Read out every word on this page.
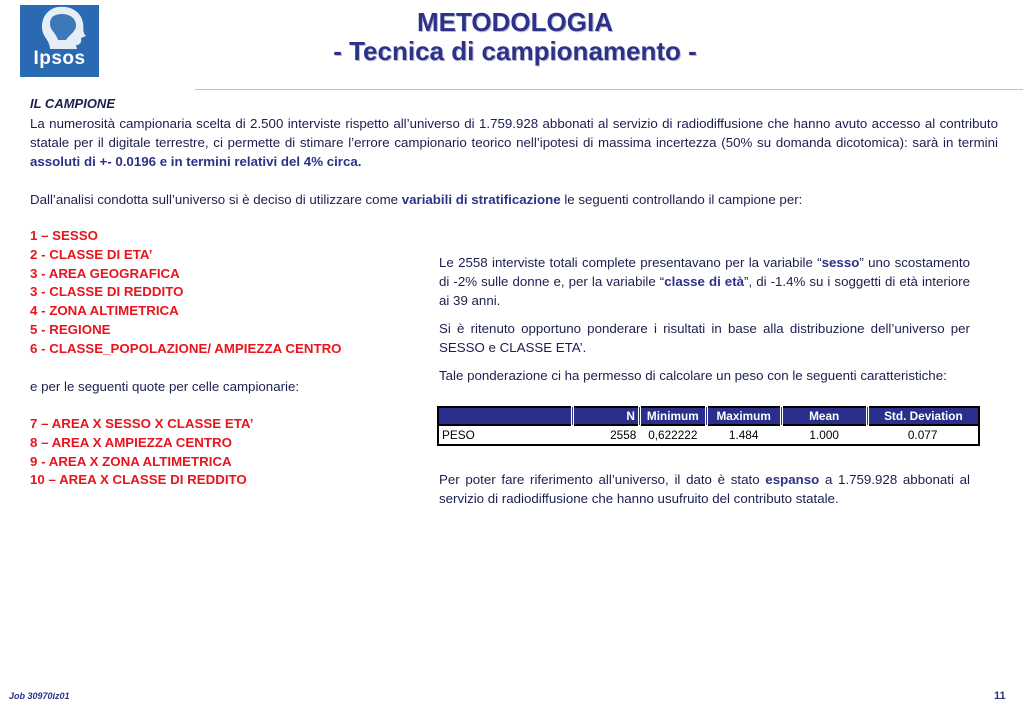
Ipsos
METODOLOGIA
- Tecnica di campionamento -
IL CAMPIONE
La numerosità campionaria scelta di 2.500 interviste rispetto all’universo di 1.759.928 abbonati al servizio di radiodiffusione che hanno avuto accesso al contributo statale per il digitale terrestre, ci permette di stimare l’errore campionario teorico nell’ipotesi di massima incertezza (50% su domanda dicotomica): sarà in termini assoluti di +- 0.0196 e in termini relativi del 4% circa.
Dall’analisi condotta sull’universo si è deciso di utilizzare come variabili di stratificazione le seguenti controllando il campione per:
1 – SESSO
2 - CLASSE DI ETA’
3 - AREA GEOGRAFICA
3 - CLASSE DI REDDITO
4 - ZONA ALTIMETRICA
5 - REGIONE
6 - CLASSE_POPOLAZIONE/ AMPIEZZA CENTRO
e per le seguenti quote per celle campionarie:
7 – AREA X SESSO X CLASSE ETA’
8 – AREA X AMPIEZZA CENTRO
9 - AREA X ZONA ALTIMETRICA
10 – AREA X CLASSE DI REDDITO

Le 2558 interviste totali complete presentavano per la variabile “sesso” uno scostamento di -2% sulle donne e, per la variabile “classe di età”, di -1.4% su i soggetti di età interiore ai 39 anni.

Si è ritenuto opportuno ponderare i risultati in base alla distribuzione dell’universo per SESSO e CLASSE ETA’.

Tale ponderazione ci ha permesso di calcolare un peso con le seguenti caratteristiche:

	N	Minimum	Maximum	Mean	Std. Deviation
PESO	2558	0,622222	1.484	1.000	0.077

Per poter fare riferimento all’universo, il dato è stato espanso a 1.759.928 abbonati al servizio di radiodiffusione che hanno usufruito del contributo statale.

Job 30970iz01	11
